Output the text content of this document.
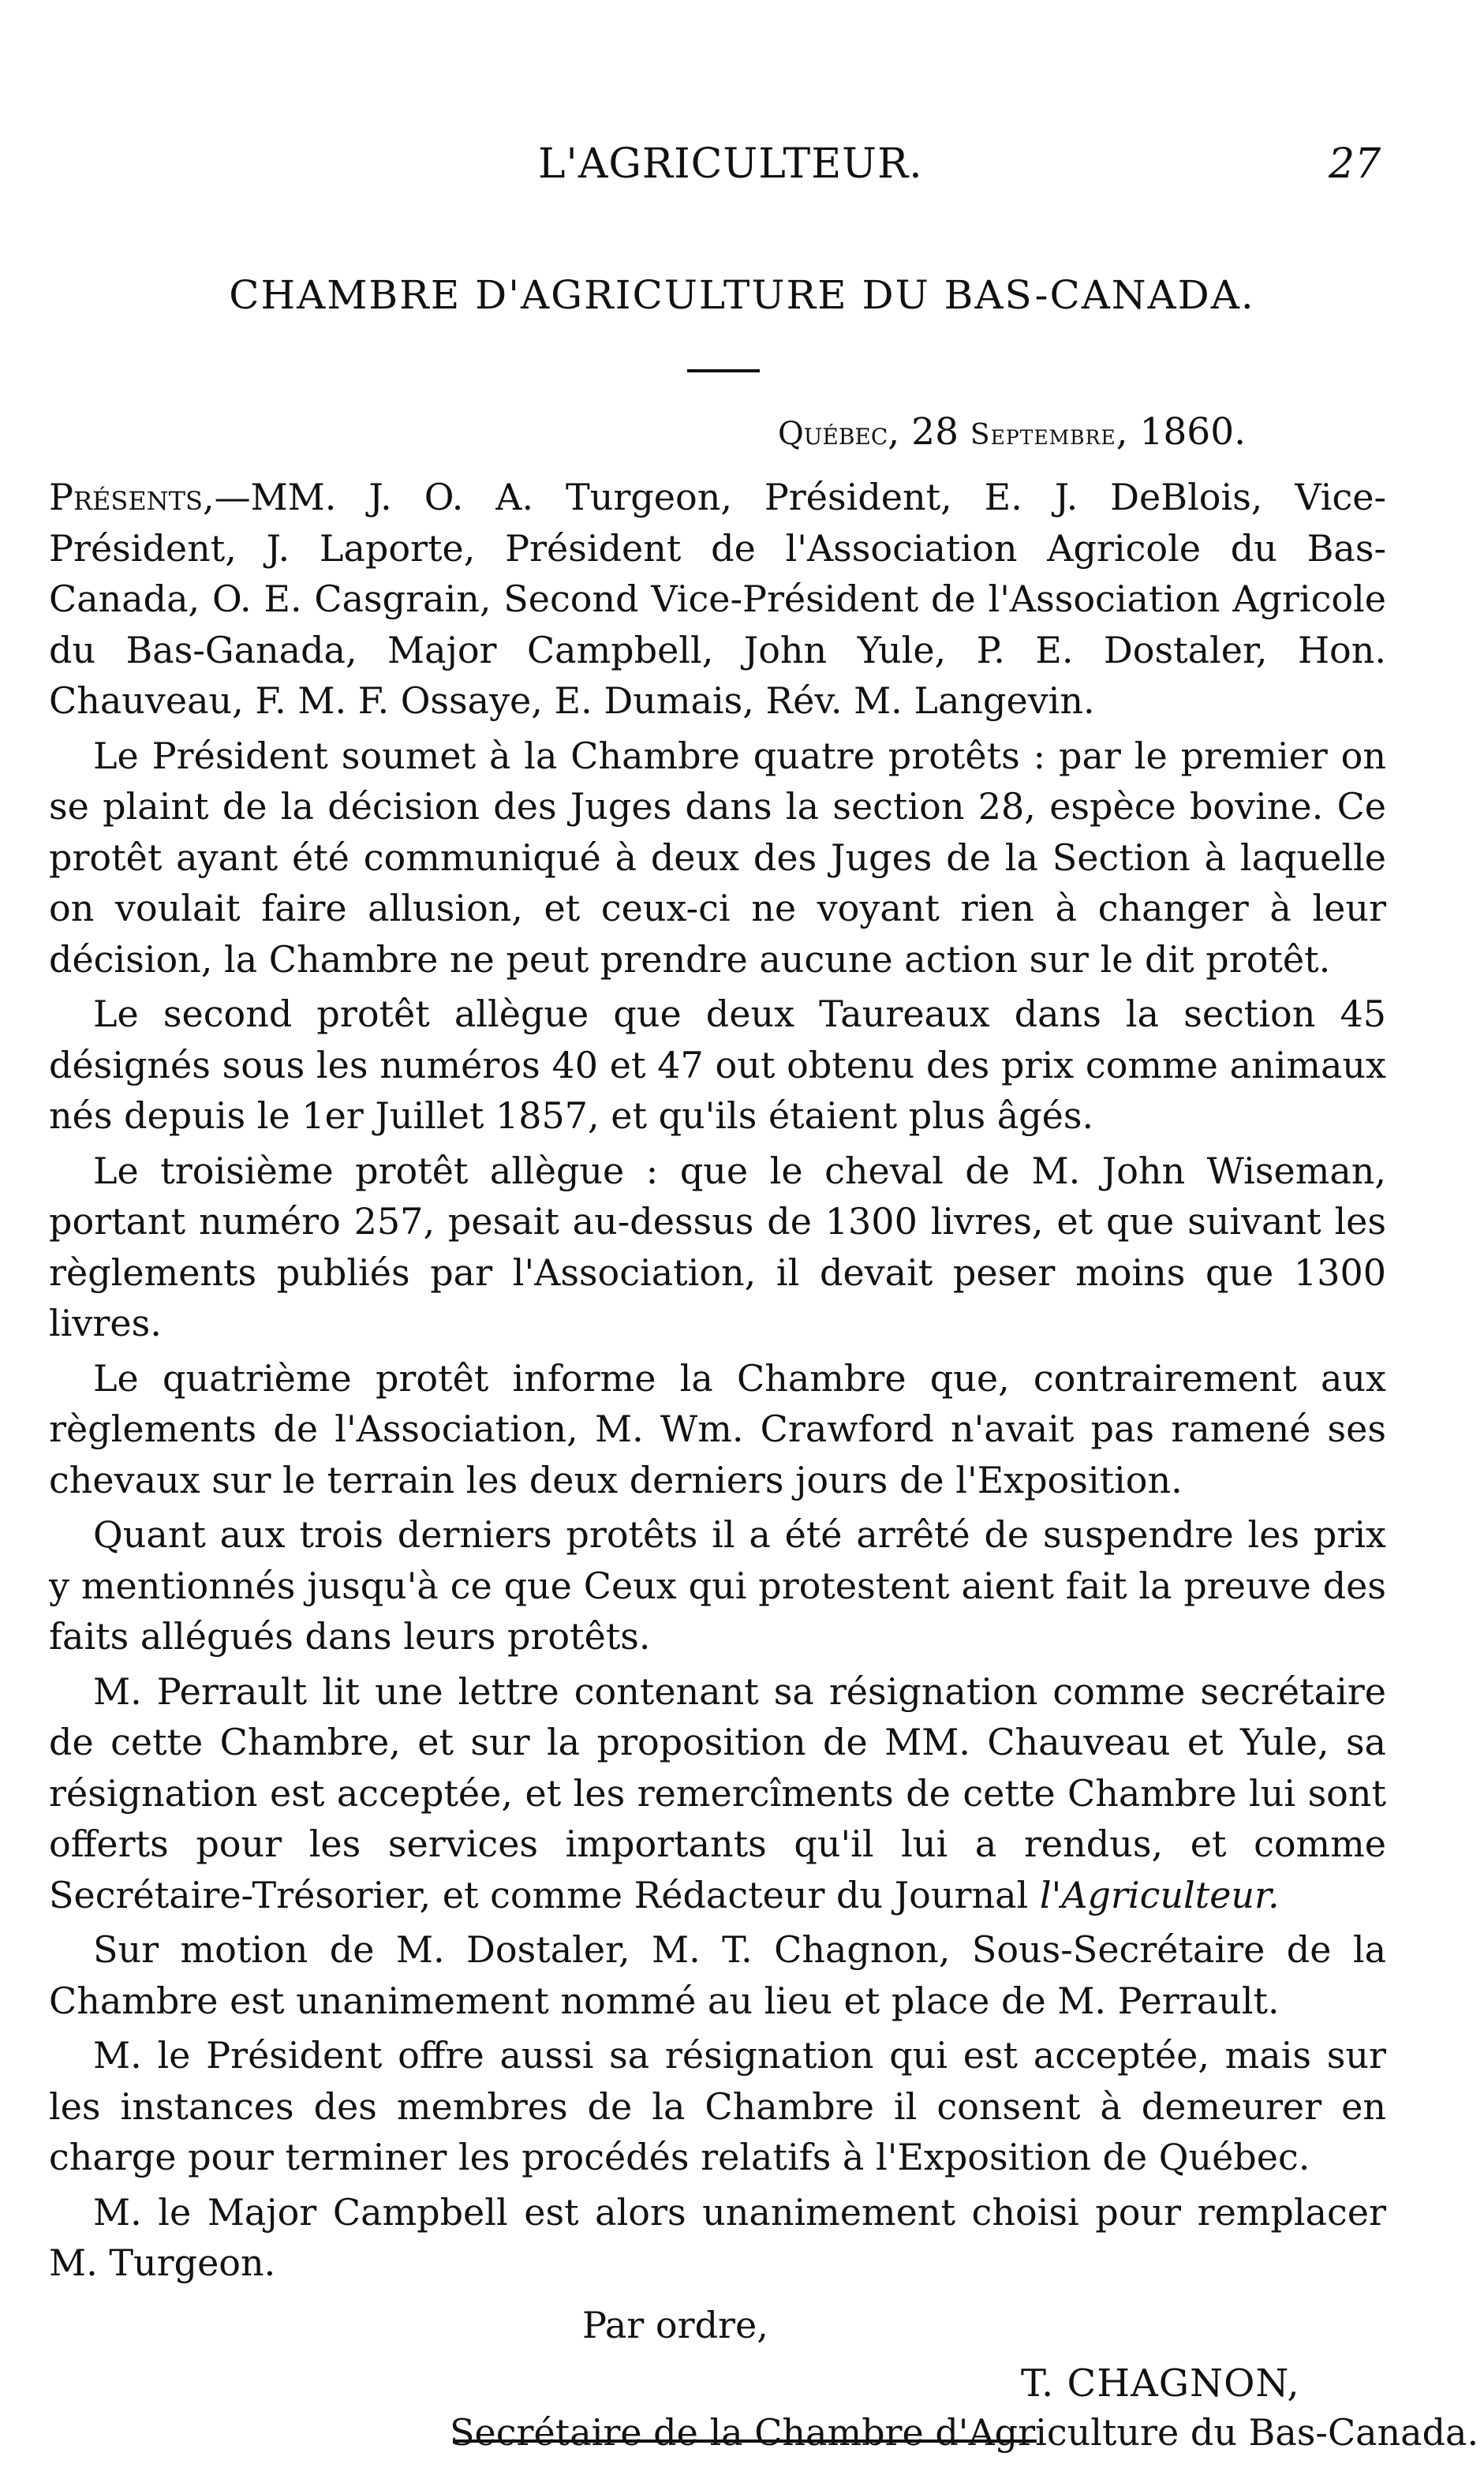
L'AGRICULTEUR.	27
CHAMBRE D'AGRICULTURE DU BAS-CANADA.
Québec, 28 Septembre, 1860.

Présents,—MM. J. O. A. Turgeon, Président, E. J. DeBlois, Vice-Président, J. Laporte, Président de l'Association Agricole du Bas-Canada, O. E. Casgrain, Second Vice-Président de l'Association Agricole du Bas-Ganada, Major Campbell, John Yule, P. E. Dostaler, Hon. Chauveau, F. M. F. Ossaye, E. Dumais, Rév. M. Langevin.

Le Président soumet à la Chambre quatre protêts : par le premier on se plaint de la décision des Juges dans la section 28, espèce bovine. Ce protêt ayant été communiqué à deux des Juges de la Section à laquelle on voulait faire allusion, et ceux-ci ne voyant rien à changer à leur décision, la Chambre ne peut prendre aucune action sur le dit protêt.

Le second protêt allègue que deux Taureaux dans la section 45 désignés sous les numéros 40 et 47 out obtenu des prix comme animaux nés depuis le 1er Juillet 1857, et qu'ils étaient plus âgés.

Le troisième protêt allègue : que le cheval de M. John Wiseman, portant numéro 257, pesait au-dessus de 1300 livres, et que suivant les règlements publiés par l'Association, il devait peser moins que 1300 livres.

Le quatrième protêt informe la Chambre que, contrairement aux règlements de l'Association, M. Wm. Crawford n'avait pas ramené ses chevaux sur le terrain les deux derniers jours de l'Exposition.

Quant aux trois derniers protêts il a été arrêté de suspendre les prix y mentionnés jusqu'à ce que Ceux qui protestent aient fait la preuve des faits allégués dans leurs protêts.

M. Perrault lit une lettre contenant sa résignation comme secrétaire de cette Chambre, et sur la proposition de MM. Chauveau et Yule, sa résignation est acceptée, et les remercîments de cette Chambre lui sont offerts pour les services importants qu'il lui a rendus, et comme Secrétaire-Trésorier, et comme Rédacteur du Journal l'Agriculteur.

Sur motion de M. Dostaler, M. T. Chagnon, Sous-Secrétaire de la Chambre est unanimement nommé au lieu et place de M. Perrault.

M. le Président offre aussi sa résignation qui est acceptée, mais sur les instances des membres de la Chambre il consent à demeurer en charge pour terminer les procédés relatifs à l'Exposition de Québec.

M. le Major Campbell est alors unanimement choisi pour remplacer M. Turgeon.

Par ordre,
T. CHAGNON,
Secrétaire de la Chambre d'Agriculture du Bas-Canada.
